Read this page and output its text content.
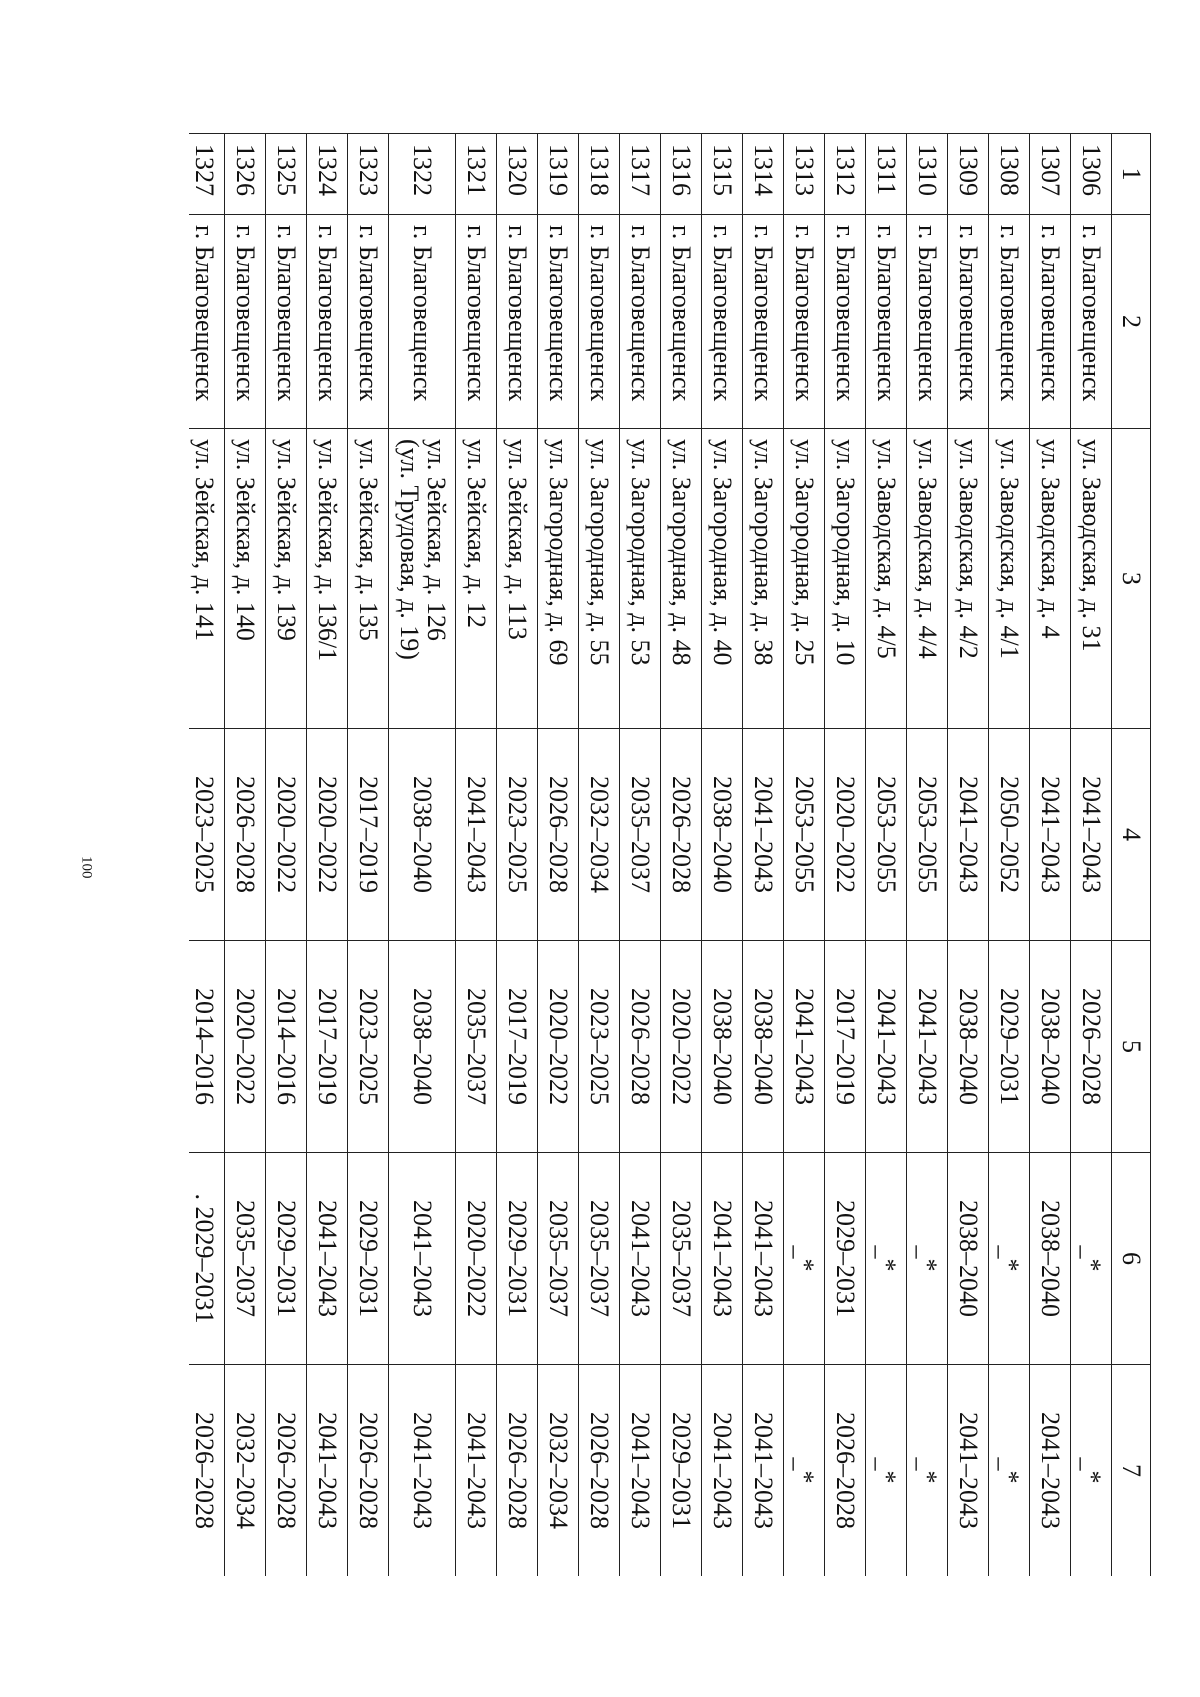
100
1	2	3	4	5	6	7
1306	г. Благовещенск	ул. Заводская, д. 31	2041–2043	2026–2028	_*	_*
1307	г. Благовещенск	ул. Заводская, д. 4	2041–2043	2038–2040	2038–2040	2041–2043
1308	г. Благовещенск	ул. Заводская, д. 4/1	2050–2052	2029–2031	_*	_*
1309	г. Благовещенск	ул. Заводская, д. 4/2	2041–2043	2038–2040	2038–2040	2041–2043
1310	г. Благовещенск	ул. Заводская, д. 4/4	2053–2055	2041–2043	_*	_*
1311	г. Благовещенск	ул. Заводская, д. 4/5	2053–2055	2041–2043	_*	_*
1312	г. Благовещенск	ул. Загородная, д. 10	2020–2022	2017–2019	2029–2031	2026–2028
1313	г. Благовещенск	ул. Загородная, д. 25	2053–2055	2041–2043	_*	_*
1314	г. Благовещенск	ул. Загородная, д. 38	2041–2043	2038–2040	2041–2043	2041–2043
1315	г. Благовещенск	ул. Загородная, д. 40	2038–2040	2038–2040	2041–2043	2041–2043
1316	г. Благовещенск	ул. Загородная, д. 48	2026–2028	2020–2022	2035–2037	2029–2031
1317	г. Благовещенск	ул. Загородная, д. 53	2035–2037	2026–2028	2041–2043	2041–2043
1318	г. Благовещенск	ул. Загородная, д. 55	2032–2034	2023–2025	2035–2037	2026–2028
1319	г. Благовещенск	ул. Загородная, д. 69	2026–2028	2020–2022	2035–2037	2032–2034
1320	г. Благовещенск	ул. Зейская, д. 113	2023–2025	2017–2019	2029–2031	2026–2028
1321	г. Благовещенск	ул. Зейская, д. 12	2041–2043	2035–2037	2020–2022	2041–2043
1322	г. Благовещенск	ул. Зейская, д. 126
(ул. Трудовая, д. 19)	2038–2040	2038–2040	2041–2043	2041–2043
1323	г. Благовещенск	ул. Зейская, д. 135	2017–2019	2023–2025	2029–2031	2026–2028
1324	г. Благовещенск	ул. Зейская, д. 136/1	2020–2022	2017–2019	2041–2043	2041–2043
1325	г. Благовещенск	ул. Зейская, д. 139	2020–2022	2014–2016	2029–2031	2026–2028
1326	г. Благовещенск	ул. Зейская, д. 140	2026–2028	2020–2022	2035–2037	2032–2034
1327	г. Благовещенск	ул. Зейская, д. 141	2023–2025	2014–2016	. 2029–2031	2026–2028
